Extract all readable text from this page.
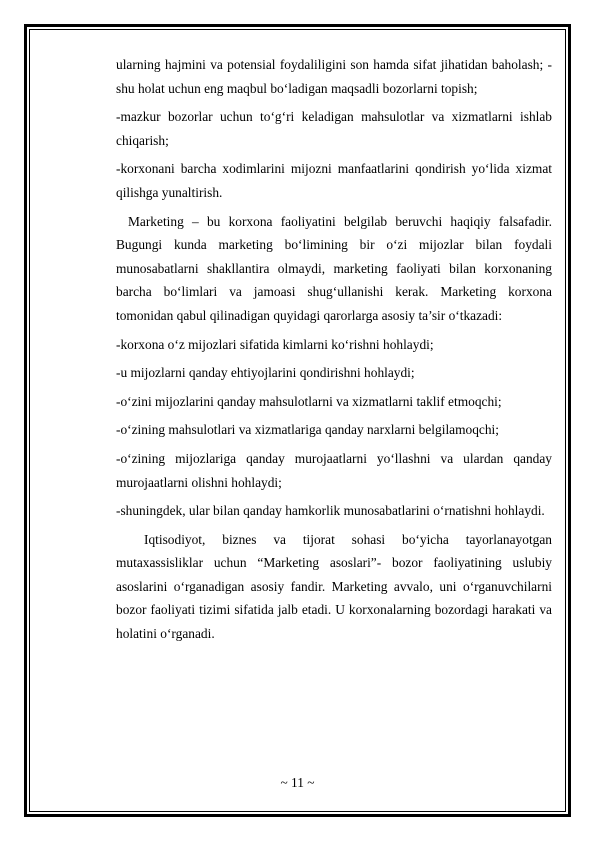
ularning hajmini va potensial foydaliligini son hamda sifat jihatidan baholash; -shu holat uchun eng maqbul bo‘ladigan maqsadli bozorlarni topish;

-mazkur bozorlar uchun to‘g‘ri keladigan mahsulotlar va xizmatlarni ishlab chiqarish;

-korxonani barcha xodimlarini mijozni manfaatlarini qondirish yo‘lida xizmat qilishga yunaltirish.

Marketing – bu korxona faoliyatini belgilab beruvchi haqiqiy falsafadir. Bugungi kunda marketing bo‘limining bir o‘zi mijozlar bilan foydali munosabatlarni shakllantira olmaydi, marketing faoliyati bilan korxonaning barcha bo‘limlari va jamoasi shug‘ullanishi kerak. Marketing korxona tomonidan qabul qilinadigan quyidagi qarorlarga asosiy ta’sir o‘tkazadi:

-korxona o‘z mijozlari sifatida kimlarni ko‘rishni hohlaydi;

-u mijozlarni qanday ehtiyojlarini qondirishni hohlaydi;

-o‘zini mijozlarini qanday mahsulotlarni va xizmatlarni taklif etmoqchi;

-o‘zining mahsulotlari va xizmatlariga qanday narxlarni belgilamoqchi;

-o‘zining mijozlariga qanday murojaatlarni yo‘llashni va ulardan qanday murojaatlarni olishni hohlaydi;

-shuningdek, ular bilan qanday hamkorlik munosabatlarini o‘rnatishni hohlaydi.

Iqtisodiyot, biznes va tijorat sohasi bo‘yicha tayorlanayotgan mutaxassisliklar uchun “Marketing asoslari”- bozor faoliyatining uslubiy asoslarini o‘rganadigan asosiy fandir. Marketing avvalo, uni o‘rganuvchilarni bozor faoliyati tizimi sifatida jalb etadi. U korxonalarning bozordagi harakati va holatini o‘rganadi.

~ 11 ~
